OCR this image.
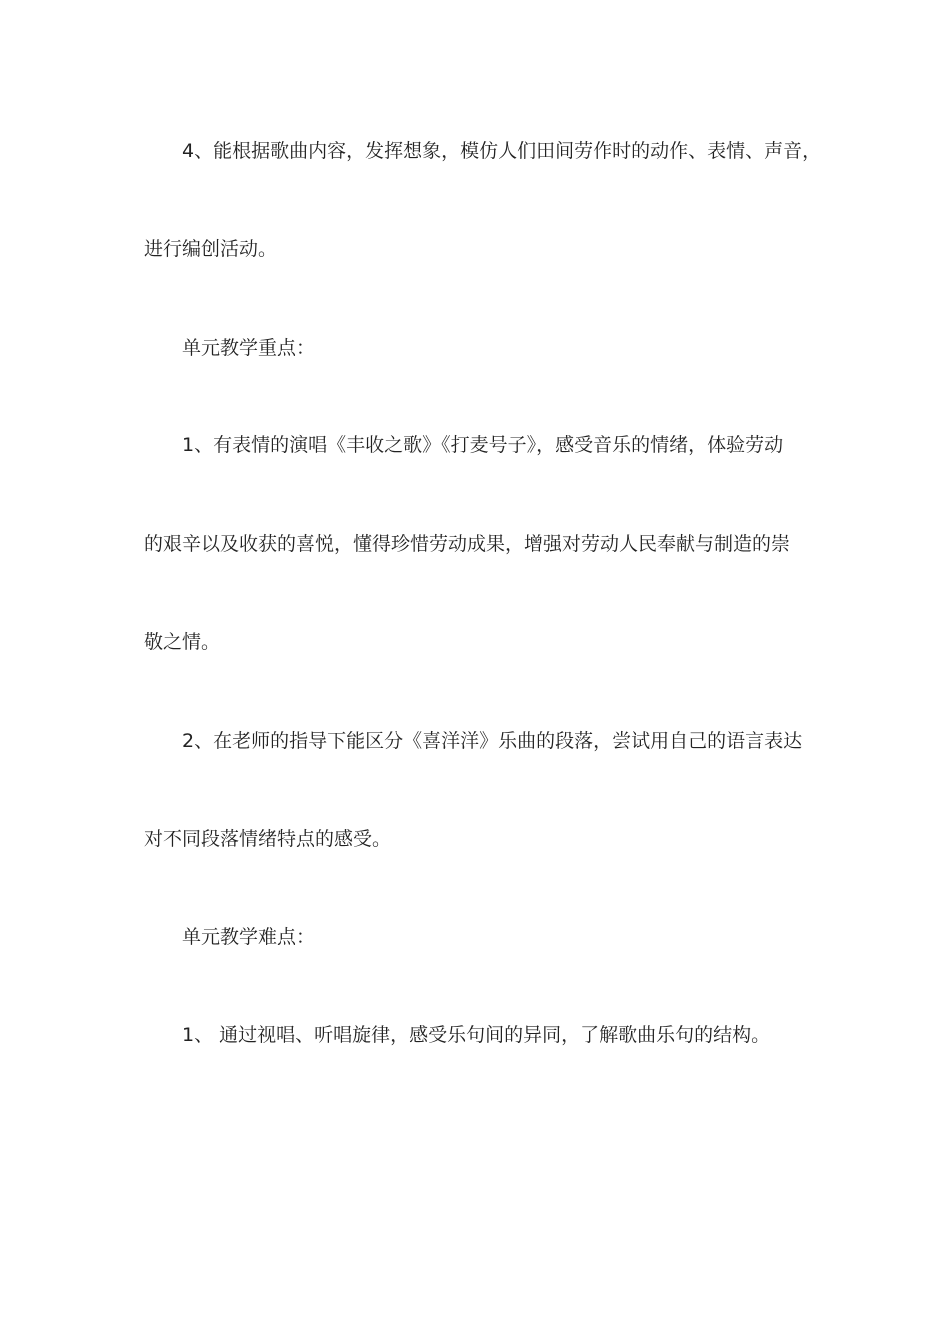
4、能根据歌曲内容，发挥想象，模仿人们田间劳作时的动作、表情、声音，
进行编创活动。
单元教学重点：
1、有表情的演唱《丰收之歌》《打麦号子》，感受音乐的情绪，体验劳动
的艰辛以及收获的喜悦，懂得珍惜劳动成果，增强对劳动人民奉献与制造的崇
敬之情。
2、在老师的指导下能区分《喜洋洋》乐曲的段落，尝试用自己的语言表达
对不同段落情绪特点的感受。
单元教学难点：
1、 通过视唱、听唱旋律，感受乐句间的异同，了解歌曲乐句的结构。
